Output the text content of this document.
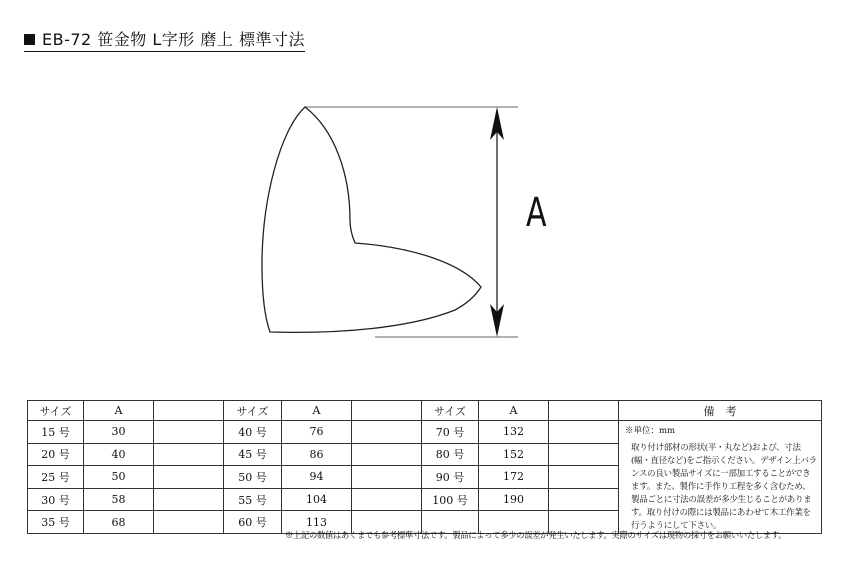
EB-72 笹金物 L字形 磨上 標準寸法
A
サイズ	A		サイズ	A		サイズ	A		備　考
15 号	30		40 号	76		70 号	132		※単位：mm
取り付け部材の形状(平・丸など)および、寸法(幅・直径など)をご指示ください。デザイン上バランスの良い製品サイズに一部加工することができます。また、製作に手作り工程を多く含むため、製品ごとに寸法の誤差が多少生じることがあります。取り付けの際には製品にあわせて木工作業を行うようにして下さい。

20 号	40		45 号	86		80 号	152		
25 号	50		50 号	94		90 号	172		
30 号	58		55 号	104		100 号	190		
35 号	68		60 号	113					
※上記の数値はあくまでも参考標準寸法です。製品によって多少の誤差が発生いたします。実際のサイズは現物の採寸をお願いいたします。
